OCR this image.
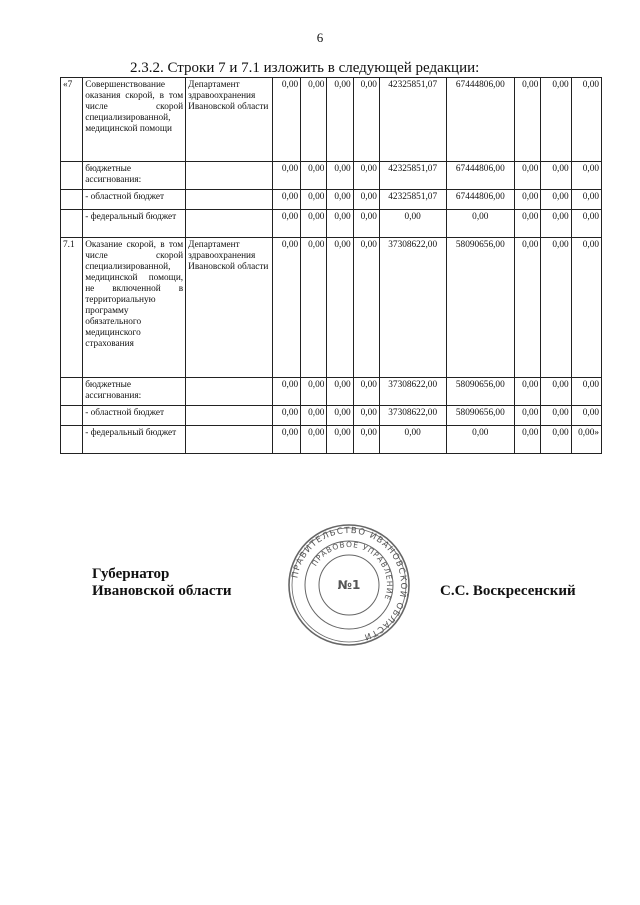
6
2.3.2. Строки 7 и 7.1 изложить в следующей редакции:
«7	Совершенствование оказания скорой, в том числе скорой специализированной, медицинской помощи	Департамент здравоохранения Ивановской области	0,00	0,00	0,00	0,00	42325851,07	67444806,00	0,00	0,00	0,00
	бюджетные ассигнования:		0,00	0,00	0,00	0,00	42325851,07	67444806,00	0,00	0,00	0,00
	- областной бюджет		0,00	0,00	0,00	0,00	42325851,07	67444806,00	0,00	0,00	0,00
	- федеральный бюджет		0,00	0,00	0,00	0,00	0,00	0,00	0,00	0,00	0,00
7.1	Оказание скорой, в том числе скорой специализированной, медицинской помощи, не включенной в территориальную программу обязательного медицинского страхования	Департамент здравоохранения Ивановской области	0,00	0,00	0,00	0,00	37308622,00	58090656,00	0,00	0,00	0,00
	бюджетные ассигнования:		0,00	0,00	0,00	0,00	37308622,00	58090656,00	0,00	0,00	0,00
	- областной бюджет		0,00	0,00	0,00	0,00	37308622,00	58090656,00	0,00	0,00	0,00
	- федеральный бюджет		0,00	0,00	0,00	0,00	0,00	0,00	0,00	0,00	0,00»
ПРАВИТЕЛЬСТВО ИВАНОВСКОЙ ОБЛАСТИ
ПРАВОВОЕ УПРАВЛЕНИЕ
№1
Губернатор
Ивановской области	С.С. Воскресенский
